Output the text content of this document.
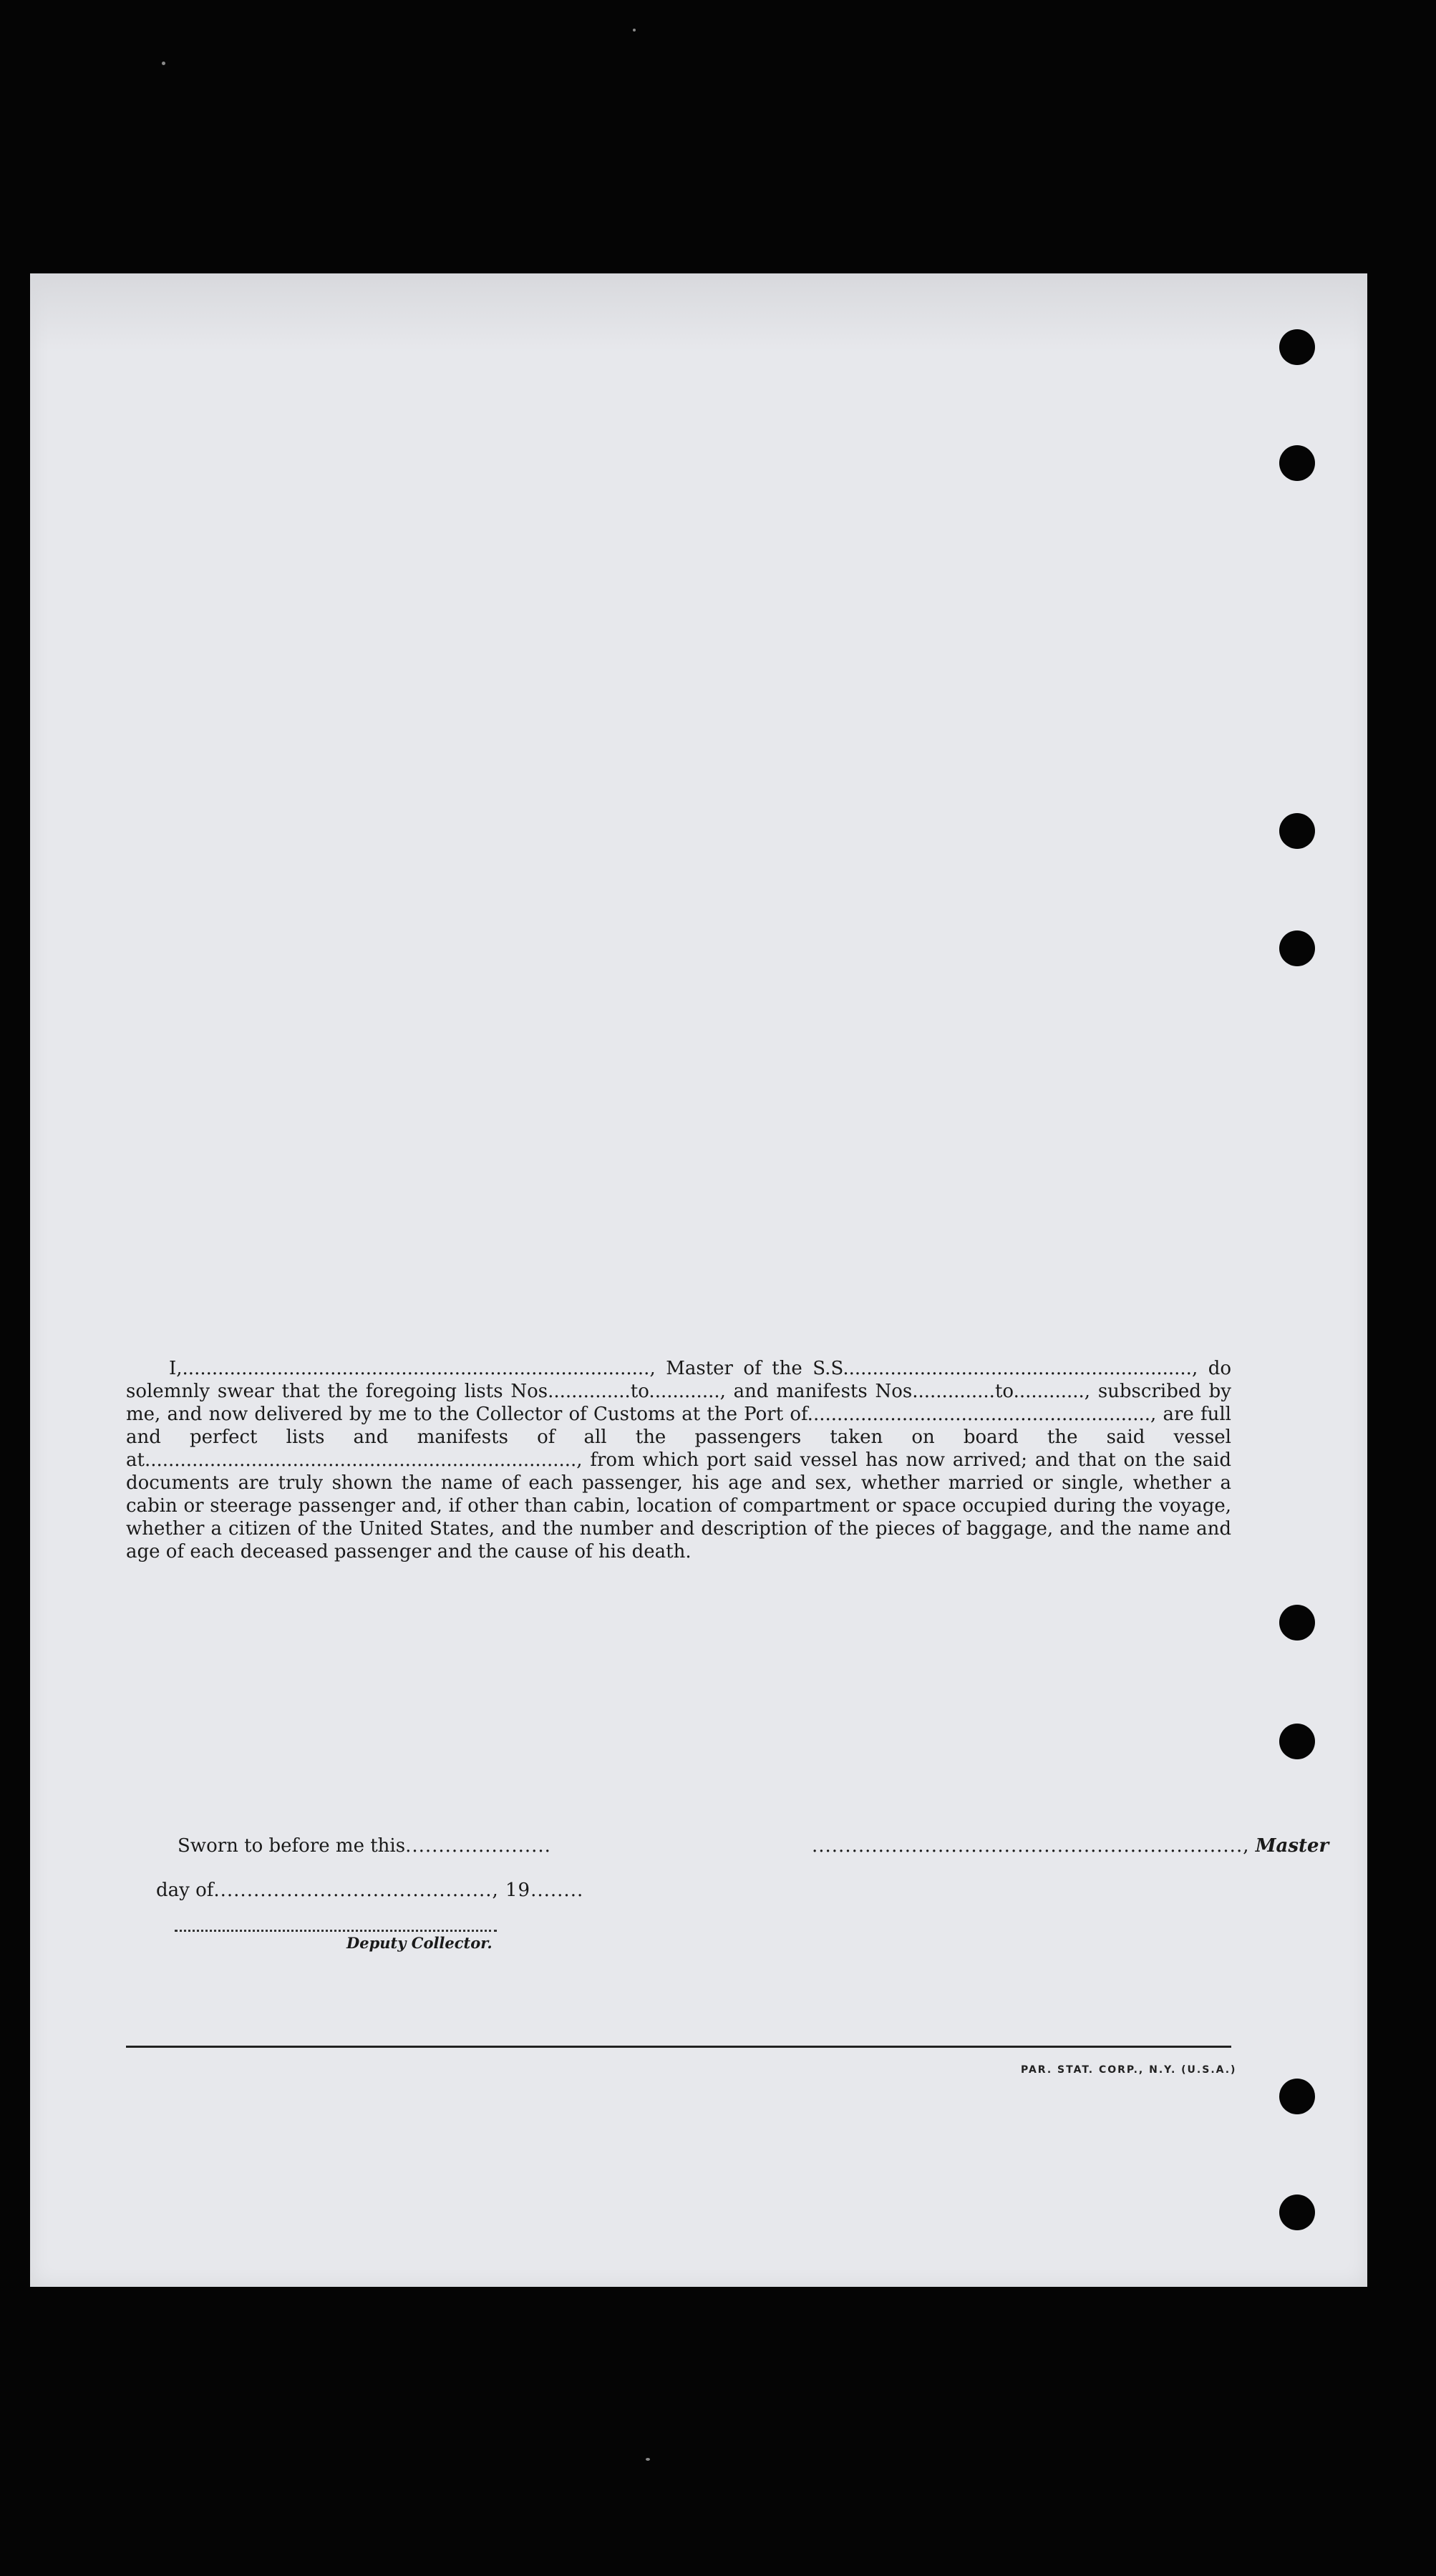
I,..............................................................................., Master of the S.S..........................................................., do solemnly swear that the foregoing lists Nos..............to............, and manifests Nos..............to............, subscribed by me, and now delivered by me to the Collector of Customs at the Port of.........................................................., are full and perfect lists and manifests of all the passengers taken on board the said vessel at........................................................................., from which port said vessel has now arrived; and that on the said documents are truly shown the name of each passenger, his age and sex, whether married or single, whether a cabin or steerage passenger and, if other than cabin, location of compartment or space occupied during the voyage, whether a citizen of the United States, and the number and description of the pieces of baggage, and the name and age of each deceased passenger and the cause of his death.

Sworn to before me this......................	................................................................., Master
day of.........................................., 19........
Deputy Collector.
PAR. STAT. CORP., N.Y. (U.S.A.)
